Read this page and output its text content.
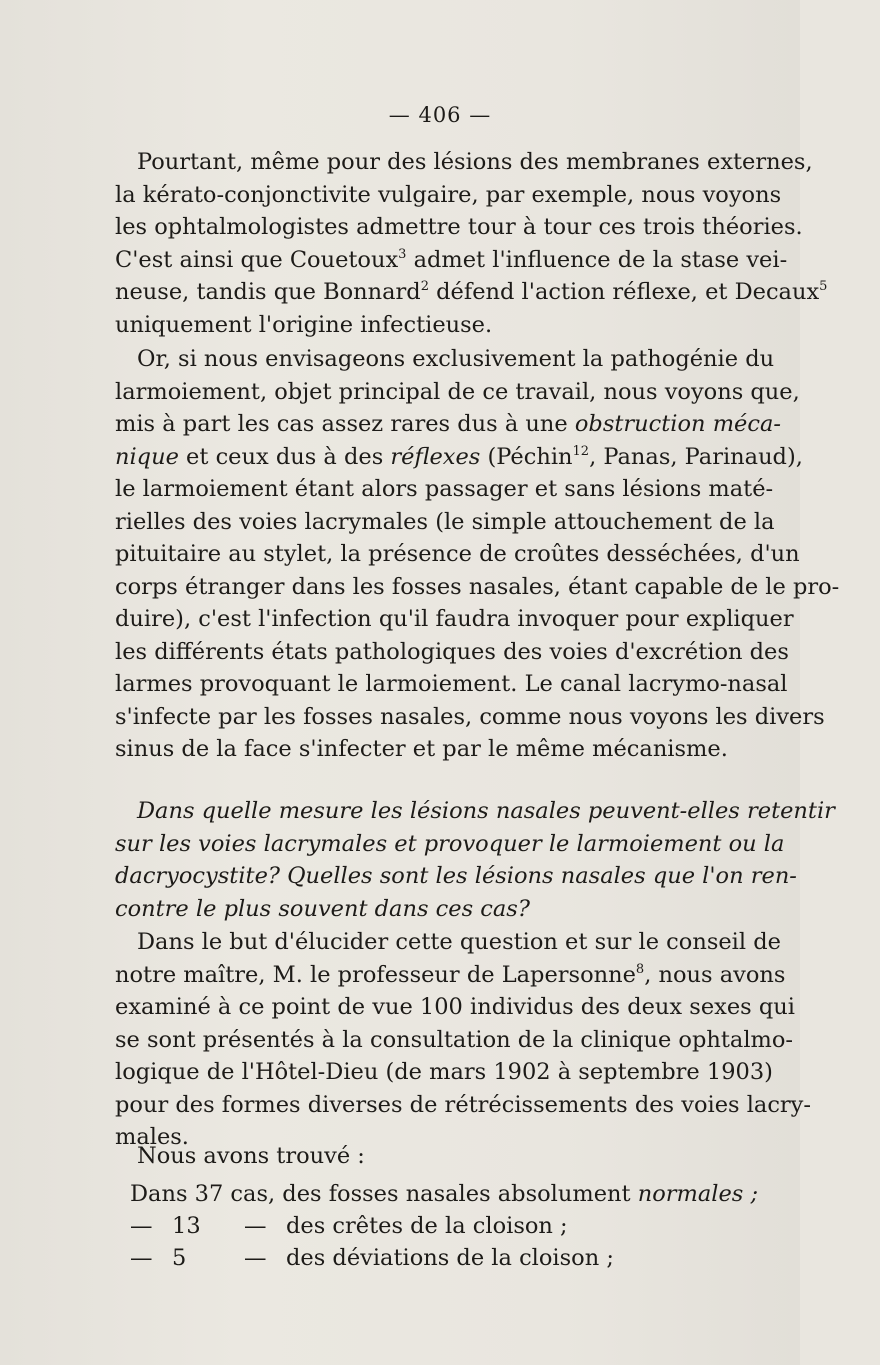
— 406 —
Pourtant, même pour des lésions des membranes externes,
la kérato-conjonctivite vulgaire, par exemple, nous voyons
les ophtalmologistes admettre tour à tour ces trois théories.
C'est ainsi que Couetoux$^3$ admet l'influence de la stase vei-
neuse, tandis que Bonnard$^2$ défend l'action réflexe, et Decaux$^5$
uniquement l'origine infectieuse.
Or, si nous envisageons exclusivement la pathogénie du
larmoiement, objet principal de ce travail, nous voyons que,
mis à part les cas assez rares dus à une obstruction méca-
nique et ceux dus à des réflexes (Péchin$^{12}$, Panas, Parinaud),
le larmoiement étant alors passager et sans lésions maté-
rielles des voies lacrymales (le simple attouchement de la
pituitaire au stylet, la présence de croûtes desséchées, d'un
corps étranger dans les fosses nasales, étant capable de le pro-
duire), c'est l'infection qu'il faudra invoquer pour expliquer
les différents états pathologiques des voies d'excrétion des
larmes provoquant le larmoiement. Le canal lacrymo-nasal
s'infecte par les fosses nasales, comme nous voyons les divers
sinus de la face s'infecter et par le même mécanisme.
Dans quelle mesure les lésions nasales peuvent-elles retentir
sur les voies lacrymales et provoquer le larmoiement ou la
dacryocystite? Quelles sont les lésions nasales que l'on ren-
contre le plus souvent dans ces cas?
Dans le but d'élucider cette question et sur le conseil de
notre maître, M. le professeur de Lapersonne$^8$, nous avons
examiné à ce point de vue 100 individus des deux sexes qui
se sont présentés à la consultation de la clinique ophtalmo-
logique de l'Hôtel-Dieu (de mars 1902 à septembre 1903)
pour des formes diverses de rétrécissements des voies lacry-
males.
Nous avons trouvé :
Dans 37 cas, des fosses nasales absolument normales ;
— 13 — des crêtes de la cloison ;
— 5	— des déviations de la cloison ;
